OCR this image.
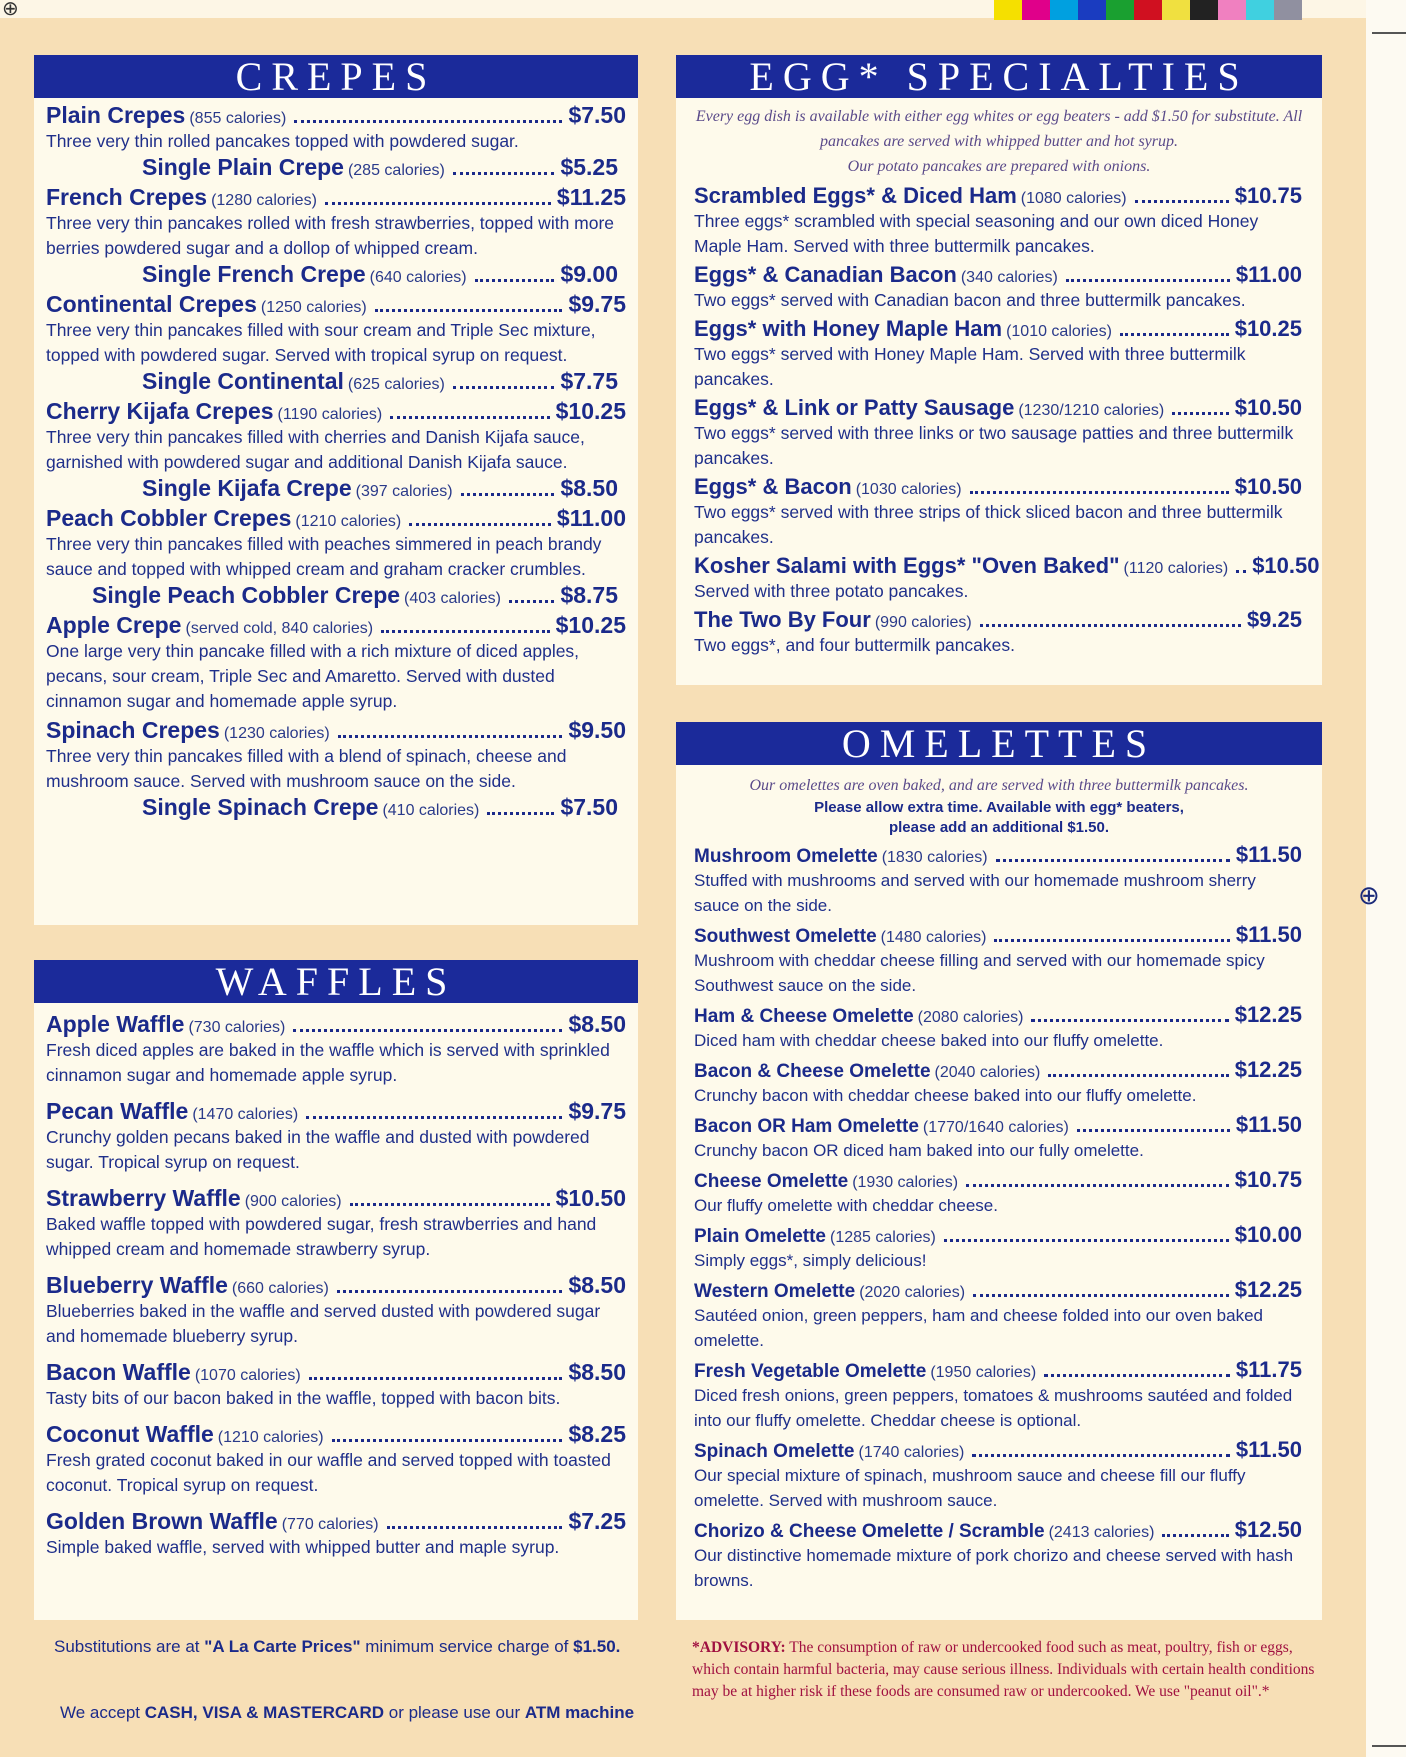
⊕
⊕
CREPES
Plain Crepes (855 calories)	$7.50
Three very thin rolled pancakes topped with powdered sugar.
Single Plain Crepe (285 calories)	$5.25
French Crepes (1280 calories)	$11.25
Three very thin pancakes rolled with fresh strawberries, topped with more berries powdered sugar and a dollop of whipped cream.
Single French Crepe (640 calories)	$9.00
Continental Crepes (1250 calories)	$9.75
Three very thin pancakes filled with sour cream and Triple Sec mixture, topped with powdered sugar. Served with tropical syrup on request.
Single Continental (625 calories)	$7.75
Cherry Kijafa Crepes (1190 calories)	$10.25
Three very thin pancakes filled with cherries and Danish Kijafa sauce, garnished with powdered sugar and additional Danish Kijafa sauce.
Single Kijafa Crepe (397 calories)	$8.50
Peach Cobbler Crepes (1210 calories)	$11.00
Three very thin pancakes filled with peaches simmered in peach brandy sauce and topped with whipped cream and graham cracker crumbles.
Single Peach Cobbler Crepe (403 calories)	$8.75
Apple Crepe (served cold, 840 calories)	$10.25
One large very thin pancake filled with a rich mixture of diced apples, pecans, sour cream, Triple Sec and Amaretto. Served with dusted cinnamon sugar and homemade apple syrup.
Spinach Crepes (1230 calories)	$9.50
Three very thin pancakes filled with a blend of spinach, cheese and mushroom sauce. Served with mushroom sauce on the side.
Single Spinach Crepe (410 calories)	$7.50
WAFFLES
Apple Waffle (730 calories)	$8.50
Fresh diced apples are baked in the waffle which is served with sprinkled cinnamon sugar and homemade apple syrup.
Pecan Waffle (1470 calories)	$9.75
Crunchy golden pecans baked in the waffle and dusted with powdered sugar. Tropical syrup on request.
Strawberry Waffle (900 calories)	$10.50
Baked waffle topped with powdered sugar, fresh strawberries and hand whipped cream and homemade strawberry syrup.
Blueberry Waffle (660 calories)	$8.50
Blueberries baked in the waffle and served dusted with powdered sugar and homemade blueberry syrup.
Bacon Waffle (1070 calories)	$8.50
Tasty bits of our bacon baked in the waffle, topped with bacon bits.
Coconut Waffle (1210 calories)	$8.25
Fresh grated coconut baked in our waffle and served topped with toasted coconut. Tropical syrup on request.
Golden Brown Waffle (770 calories)	$7.25
Simple baked waffle, served with whipped butter and maple syrup.
EGG* SPECIALTIES
Every egg dish is available with either egg whites or egg beaters - add $1.50 for substitute. All pancakes are served with whipped butter and hot syrup.
Our potato pancakes are prepared with onions.
Scrambled Eggs* & Diced Ham (1080 calories)	$10.75
Three eggs* scrambled with special seasoning and our own diced Honey Maple Ham. Served with three buttermilk pancakes.
Eggs* & Canadian Bacon (340 calories)	$11.00
Two eggs* served with Canadian bacon and three buttermilk pancakes.
Eggs* with Honey Maple Ham (1010 calories)	$10.25
Two eggs* served with Honey Maple Ham. Served with three buttermilk pancakes.
Eggs* & Link or Patty Sausage (1230/1210 calories)	$10.50
Two eggs* served with three links or two sausage patties and three buttermilk pancakes.
Eggs* & Bacon (1030 calories)	$10.50
Two eggs* served with three strips of thick sliced bacon and three buttermilk pancakes.
Kosher Salami with Eggs* "Oven Baked" (1120 calories) $10.50
Served with three potato pancakes.
The Two By Four (990 calories)	$9.25
Two eggs*, and four buttermilk pancakes.
OMELETTES
Our omelettes are oven baked, and are served with three buttermilk pancakes.
Please allow extra time. Available with egg* beaters,
please add an additional $1.50.
Mushroom Omelette (1830 calories)	$11.50
Stuffed with mushrooms and served with our homemade mushroom sherry sauce on the side.
Southwest Omelette (1480 calories)	$11.50
Mushroom with cheddar cheese filling and served with our homemade spicy Southwest sauce on the side.
Ham & Cheese Omelette (2080 calories)	$12.25
Diced ham with cheddar cheese baked into our fluffy omelette.
Bacon & Cheese Omelette (2040 calories)	$12.25
Crunchy bacon with cheddar cheese baked into our fluffy omelette.
Bacon OR Ham Omelette (1770/1640 calories)	$11.50
Crunchy bacon OR diced ham baked into our fully omelette.
Cheese Omelette (1930 calories)	$10.75
Our fluffy omelette with cheddar cheese.
Plain Omelette (1285 calories)	$10.00
Simply eggs*, simply delicious!
Western Omelette (2020 calories)	$12.25
Sautéed onion, green peppers, ham and cheese folded into our oven baked omelette.
Fresh Vegetable Omelette (1950 calories)	$11.75
Diced fresh onions, green peppers, tomatoes & mushrooms sautéed and folded into our fluffy omelette. Cheddar cheese is optional.
Spinach Omelette (1740 calories)	$11.50
Our special mixture of spinach, mushroom sauce and cheese fill our fluffy omelette. Served with mushroom sauce.
Chorizo & Cheese Omelette / Scramble (2413 calories)	$12.50
Our distinctive homemade mixture of pork chorizo and cheese served with hash browns.
Substitutions are at "A La Carte Prices" minimum service charge of $1.50.
We accept CASH, VISA & MASTERCARD or please use our ATM machine
*ADVISORY: The consumption of raw or undercooked food such as meat, poultry, fish or eggs, which contain harmful bacteria, may cause serious illness. Individuals with certain health conditions may be at higher risk if these foods are consumed raw or undercooked. We use "peanut oil".*
